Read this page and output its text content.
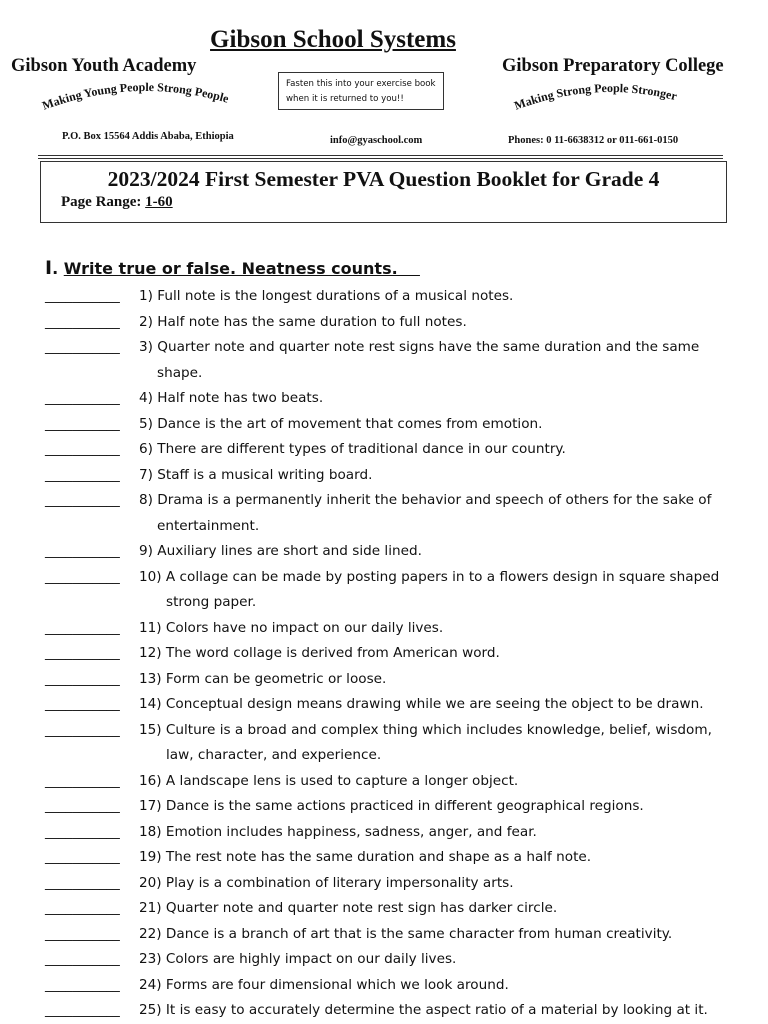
Gibson School Systems
Gibson Youth Academy	Gibson Preparatory College
Making Young People Strong People	Making Strong People Stronger
Fasten this into your exercise book
when it is returned to you!!
P.O. Box 15564 Addis Ababa, Ethiopia	info@gyaschool.com	Phones: 0 11-6638312 or 011-661-0150
2023/2024 First Semester PVA Question Booklet for Grade 4
Page Range: 1-60
I. Write true or false. Neatness counts.
___________ 1) Full note is the longest durations of a musical notes.
___________ 2) Half note has the same duration to full notes.
___________ 3) Quarter note and quarter note rest signs have the same duration and the same
shape.
___________ 4) Half note has two beats.
___________ 5) Dance is the art of movement that comes from emotion.
___________ 6) There are different types of traditional dance in our country.
___________ 7) Staff is a musical writing board.
___________ 8) Drama is a permanently inherit the behavior and speech of others for the sake of
entertainment.
___________ 9) Auxiliary lines are short and side lined.
___________ 10) A collage can be made by posting papers in to a flowers design in square shaped
strong paper.
___________ 11) Colors have no impact on our daily lives.
___________ 12) The word collage is derived from American word.
___________ 13) Form can be geometric or loose.
___________ 14) Conceptual design means drawing while we are seeing the object to be drawn.
___________ 15) Culture is a broad and complex thing which includes knowledge, belief, wisdom,
law, character, and experience.
___________ 16) A landscape lens is used to capture a longer object.
___________ 17) Dance is the same actions practiced in different geographical regions.
___________ 18) Emotion includes happiness, sadness, anger, and fear.
___________ 19) The rest note has the same duration and shape as a half note.
___________ 20) Play is a combination of literary impersonality arts.
___________ 21) Quarter note and quarter note rest sign has darker circle.
___________ 22) Dance is a branch of art that is the same character from human creativity.
___________ 23) Colors are highly impact on our daily lives.
___________ 24) Forms are four dimensional which we look around.
___________ 25) It is easy to accurately determine the aspect ratio of a material by looking at it.
